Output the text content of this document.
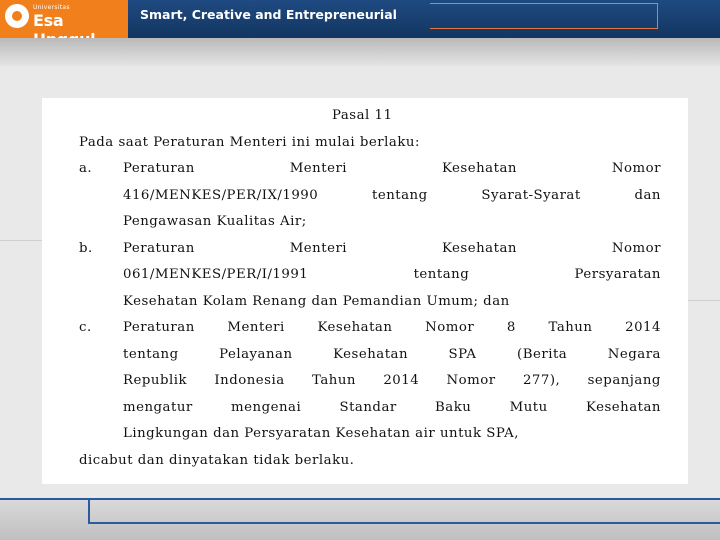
Universitas
Esa	Smart, Creative and Entrepreneurial
Pasal 11
Pada saat Peraturan Menteri ini mulai berlaku:
a. Peraturan	Menteri	Kesehatan	Nomor
416/MENKES/PER/IX/1990	tentang	Syarat-Syarat	dan
Pengawasan Kualitas Air;
b. Peraturan	Menteri	Kesehatan	Nomor
061/MENKES/PER/I/1991	tentang	Persyaratan
Kesehatan Kolam Renang dan Pemandian Umum; dan
c. Peraturan Menteri Kesehatan Nomor 8 Tahun 2014
tentang	Pelayanan	Kesehatan	SPA	(Berita	Negara
Republik Indonesia Tahun 2014 Nomor 277), sepanjang
mengatur	mengenai	Standar	Baku	Mutu	Kesehatan
Lingkungan dan Persyaratan Kesehatan air untuk SPA,
dicabut dan dinyatakan tidak berlaku.
